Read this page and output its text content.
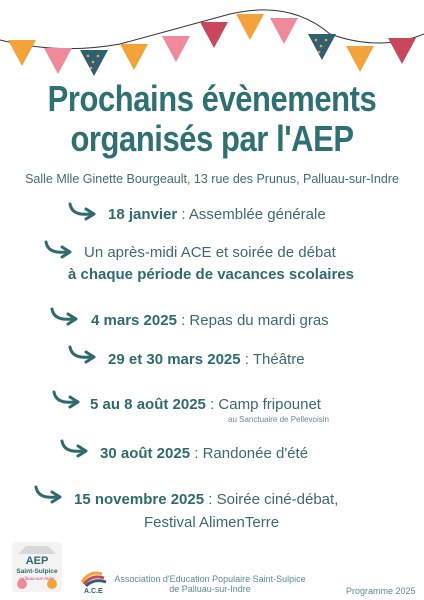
Prochains évènements
organisés par l'AEP
Salle Mlle Ginette Bourgeault, 13 rue des Prunus, Palluau-sur-Indre
18 janvier : Assemblée générale
Un après-midi ACE et soirée de débat
à chaque période de vacances scolaires
4 mars 2025 : Repas du mardi gras
29 et 30 mars 2025 : Théâtre
5 au 8 août 2025 : Camp fripounet
au Sanctuaire de Pellevoisin
30 août 2025 : Randonée d'été
15 novembre 2025 : Soirée ciné-débat,
Festival AlimenTerre
AEP
Saint-Sulpice
palluau-sur-indre
A.C.E
Association d'Education Populaire Saint-Sulpice
de Palluau-sur-Indre	Programme 2025
